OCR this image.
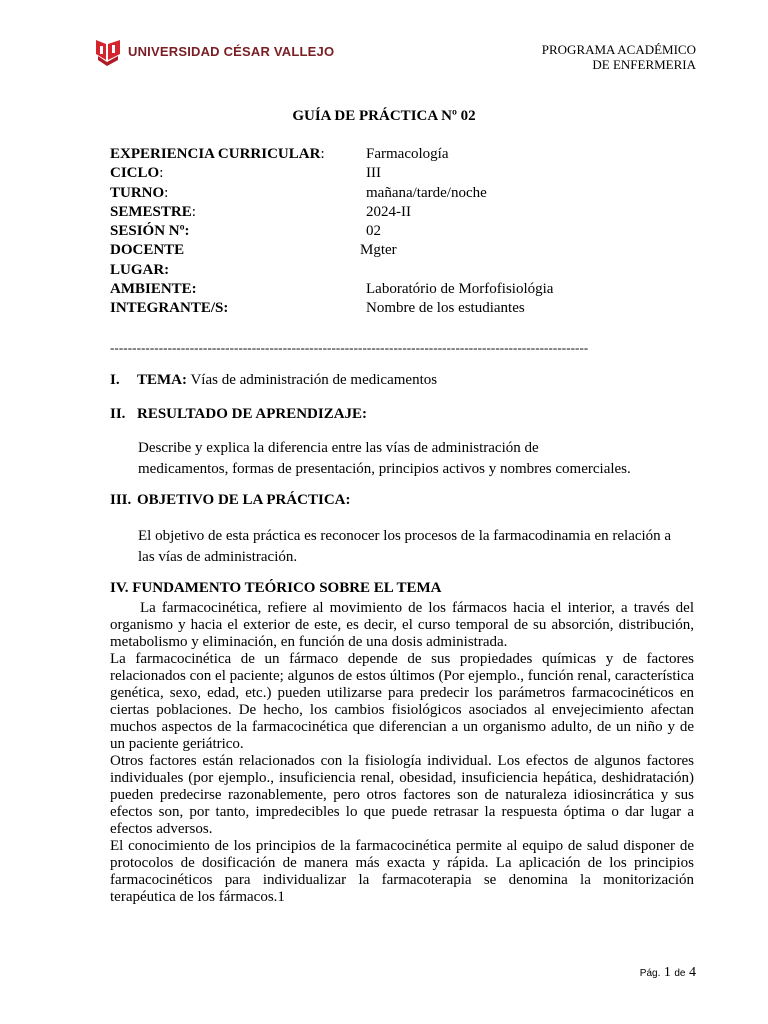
UNIVERSIDAD CÉSAR VALLEJO	PROGRAMA ACADÉMICO
DE ENFERMERIA
GUÍA DE PRÁCTICA Nº 02
EXPERIENCIA CURRICULAR:	Farmacología
CICLO:	III
TURNO:	mañana/tarde/noche
SEMESTRE:	2024-II
SESIÓN Nº:	02
DOCENTE	Mgter
LUGAR:
AMBIENTE:	Laboratório de Morfofisiológia
INTEGRANTE/S:	Nombre de los estudiantes
------------------------------------------------------------------------------------------------------------
I. TEMA: Vías de administración de medicamentos
II. RESULTADO DE APRENDIZAJE:
Describe y explica la diferencia entre las vías de administración de
medicamentos, formas de presentación, principios activos y nombres comerciales.
III. OBJETIVO DE LA PRÁCTICA:
El objetivo de esta práctica es reconocer los procesos de la farmacodinamia en relación a
las vías de administración.
IV. FUNDAMENTO TEÓRICO SOBRE EL TEMA

La farmacocinética, refiere al movimiento de los fármacos hacia el interior, a través del organismo y hacia el exterior de este, es decir, el curso temporal de su absorción, distribución, metabolismo y eliminación, en función de una dosis administrada.

La farmacocinética de un fármaco depende de sus propiedades químicas y de factores relacionados con el paciente; algunos de estos últimos (Por ejemplo., función renal, característica genética, sexo, edad, etc.) pueden utilizarse para predecir los parámetros farmacocinéticos en ciertas poblaciones. De hecho, los cambios fisiológicos asociados al envejecimiento afectan muchos aspectos de la farmacocinética que diferencian a un organismo adulto, de un niño y de un paciente geriátrico.

Otros factores están relacionados con la fisiología individual. Los efectos de algunos factores individuales (por ejemplo., insuficiencia renal, obesidad, insuficiencia hepática, deshidratación) pueden predecirse razonablemente, pero otros factores son de naturaleza idiosincrática y sus efectos son, por tanto, impredecibles lo que puede retrasar la respuesta óptima o dar lugar a efectos adversos.

El conocimiento de los principios de la farmacocinética permite al equipo de salud disponer de protocolos de dosificación de manera más exacta y rápida. La aplicación de los principios farmacocinéticos para individualizar la farmacoterapia se denomina la monitorización terapéutica de los fármacos.1

Pág. 1 de 4
